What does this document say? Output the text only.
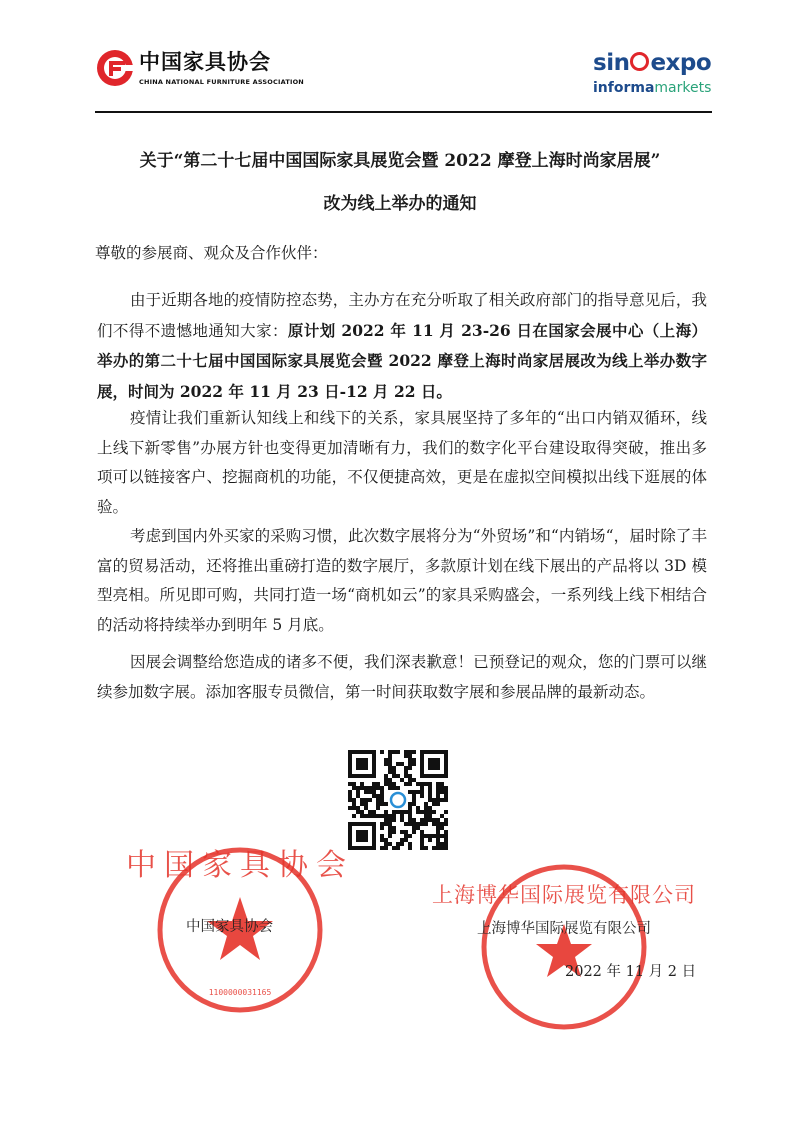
中国家具协会
CHINA NATIONAL FURNITURE ASSOCIATION
sin expo
informamarkets
关于“第二十七届中国国际家具展览会暨 2022 摩登上海时尚家居展”
改为线上举办的通知
尊敬的参展商、观众及合作伙伴：

由于近期各地的疫情防控态势，主办方在充分听取了相关政府部门的指导意见后，我们不得不遗憾地通知大家：原计划 2022 年 11 月 23-26 日在国家会展中心（上海）举办的第二十七届中国国际家具展览会暨 2022 摩登上海时尚家居展改为线上举办数字展，时间为 2022 年 11 月 23 日-12 月 22 日。

疫情让我们重新认知线上和线下的关系，家具展坚持了多年的“出口内销双循环，线上线下新零售”办展方针也变得更加清晰有力，我们的数字化平台建设取得突破，推出多项可以链接客户、挖掘商机的功能，不仅便捷高效，更是在虚拟空间模拟出线下逛展的体验。

考虑到国内外买家的采购习惯，此次数字展将分为“外贸场”和“内销场“，届时除了丰富的贸易活动，还将推出重磅打造的数字展厅，多款原计划在线下展出的产品将以 3D 模型亮相。所见即可购，共同打造一场“商机如云”的家具采购盛会，一系列线上线下相结合的活动将持续举办到明年 5 月底。

因展会调整给您造成的诸多不便，我们深表歉意！已预登记的观众，您的门票可以继续参加数字展。添加客服专员微信，第一时间获取数字展和参展品牌的最新动态。

中国家具协会
1100000031165
上海博华国际展览有限公司
中国家具协会	上海博华国际展览有限公司
2022 年 11 月 2 日
